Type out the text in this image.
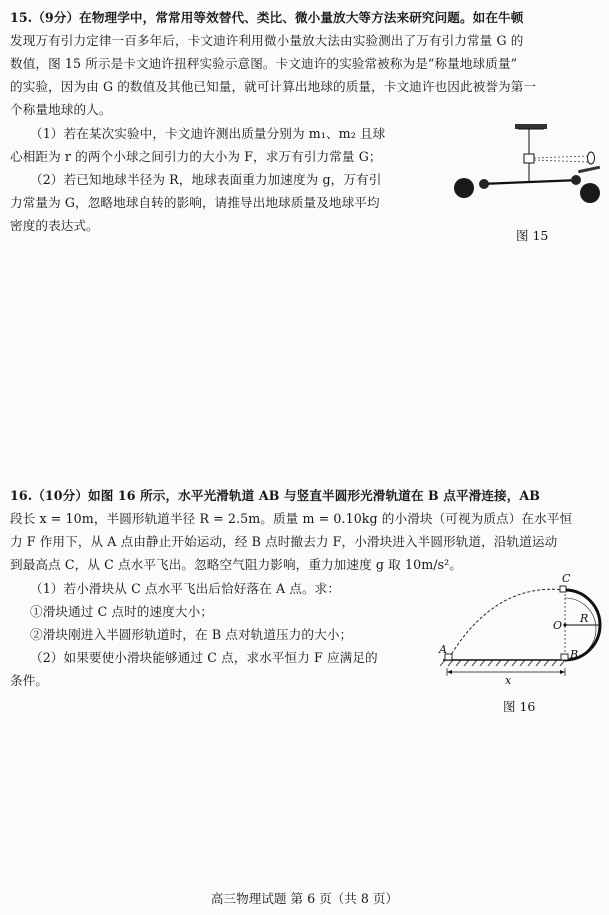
15.（9分）在物理学中，常常用等效替代、类比、微小量放大等方法来研究问题。如在牛顿
发现万有引力定律一百多年后，卡文迪许利用微小量放大法由实验测出了万有引力常量 G 的
数值，图 15 所示是卡文迪许扭秤实验示意图。卡文迪许的实验常被称为是“称量地球质量”
的实验，因为由 G 的数值及其他已知量，就可计算出地球的质量，卡文迪许也因此被誉为第一
个称量地球的人。
（1）若在某次实验中，卡文迪许测出质量分别为 m₁、m₂ 且球
心相距为 r 的两个小球之间引力的大小为 F，求万有引力常量 G；
（2）若已知地球半径为 R，地球表面重力加速度为 g，万有引
力常量为 G，忽略地球自转的影响，请推导出地球质量及地球平均
密度的表达式。
图 15
16.（10分）如图 16 所示，水平光滑轨道 AB 与竖直半圆形光滑轨道在 B 点平滑连接，AB
段长 x = 10m，半圆形轨道半径 R = 2.5m。质量 m = 0.10kg 的小滑块（可视为质点）在水平恒
力 F 作用下，从 A 点由静止开始运动，经 B 点时撤去力 F，小滑块进入半圆形轨道，沿轨道运动
到最高点 C，从 C 点水平飞出。忽略空气阻力影响，重力加速度 g 取 10m/s²。
（1）若小滑块从 C 点水平飞出后恰好落在 A 点。求：
①滑块通过 C 点时的速度大小；
②滑块刚进入半圆形轨道时，在 B 点对轨道压力的大小；
（2）如果要使小滑块能够通过 C 点，求水平恒力 F 应满足的
条件。
C
O
R
A	B
x
图 16
高三物理试题 第 6 页（共 8 页）
